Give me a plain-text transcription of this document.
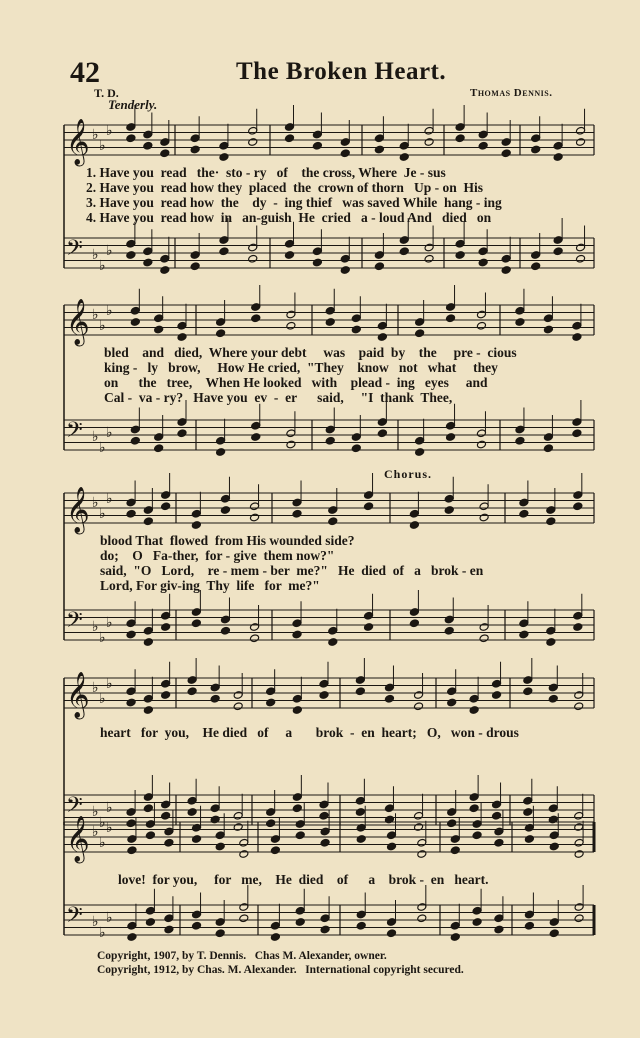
42	The Broken Heart.
T. D.	Thomas Dennis.
Tenderly.
Chorus.
𝄞 ♭
♭
♭
𝄢 ♭
♭
♭
𝄞 ♭
♭
♭
𝄢 ♭
♭
♭
𝄞 ♭
♭
♭
𝄢 ♭
♭
♭
𝄞 ♭
♭
♭
𝄢 ♭
♭
♭
𝄞 ♭
♭
♭
𝄢 ♭
♭
♭
1. Have you  read   the·  sto - ry   of    the cross, Where  Je - sus
2. Have you  read how they  placed  the  crown of thorn   Up - on  His
3. Have you  read how  the    dy  -  ing thief   was saved While  hang - ing
4. Have you  read how  in   an-guish  He  cried   a - loud And   died   on
bled    and   died,  Where your debt     was    paid  by    the     pre -  cious
king -   ly   brow,     How He cried,  "They    know   not   what     they
on      the   tree,    When He looked   with    plead -  ing   eyes     and
Cal -  va - ry?   Have you  ev  -  er      said,     "I  thank  Thee,
blood That  flowed  from His wounded side?
do;    O   Fa-ther,  for - give  them now?"
said,  "O   Lord,    re - mem - ber  me?"   He  died  of   a   brok - en
Lord, For giv-ing  Thy  life   for  me?"
heart   for  you,    He died   of     a       brok  -  en  heart;   O,   won - drous
love!  for you,     for   me,    He  died    of      a    brok -  en   heart.
Copyright, 1907, by T. Dennis.   Chas M. Alexander, owner.
Copyright, 1912, by Chas. M. Alexander.   International copyright secured.
